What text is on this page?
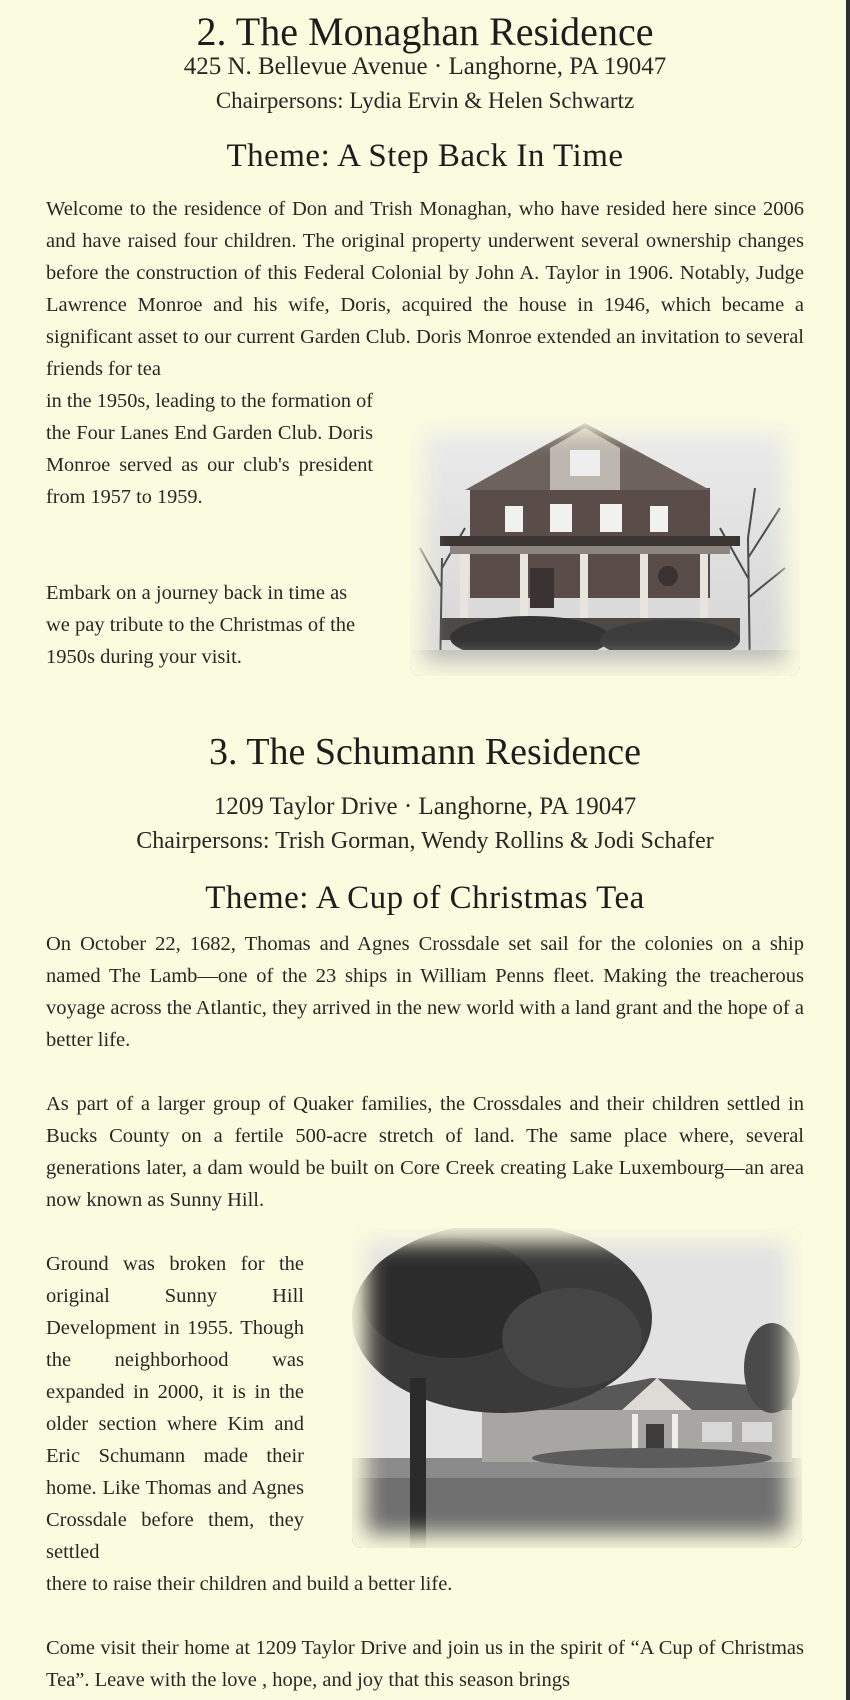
2. The Monaghan Residence
425 N. Bellevue Avenue · Langhorne, PA 19047
Chairpersons: Lydia Ervin & Helen Schwartz
Theme: A Step Back In Time

Welcome to the residence of Don and Trish Monaghan, who have resided here since 2006 and have raised four children. The original property underwent several ownership changes before the construction of this Federal Colonial by John A. Taylor in 1906. Notably, Judge Lawrence Monroe and his wife, Doris, acquired the house in 1946, which became a significant asset to our current Garden Club. Doris Monroe extended an invitation to several friends for tea

in the 1950s, leading to the formation of the Four Lanes End Garden Club. Doris Monroe served as our club's president from 1957 to 1959.

Embark on a journey back in time as we pay tribute to the Christmas of the 1950s during your visit.

3. The Schumann Residence
1209 Taylor Drive · Langhorne, PA 19047
Chairpersons: Trish Gorman, Wendy Rollins & Jodi Schafer
Theme: A Cup of Christmas Tea

On October 22, 1682, Thomas and Agnes Crossdale set sail for the colonies on a ship named The Lamb—one of the 23 ships in William Penns fleet. Making the treacherous voyage across the Atlantic, they arrived in the new world with a land grant and the hope of a better life.

As part of a larger group of Quaker families, the Crossdales and their children settled in Bucks County on a fertile 500-acre stretch of land. The same place where, several generations later, a dam would be built on Core Creek creating Lake Luxembourg—an area now known as Sunny Hill.

Ground was broken for the original Sunny Hill Development in 1955. Though the neighborhood was expanded in 2000, it is in the older section where Kim and Eric Schumann made their home. Like Thomas and Agnes Crossdale before them, they settled

there to raise their children and build a better life.

Come visit their home at 1209 Taylor Drive and join us in the spirit of “A Cup of Christmas Tea”. Leave with the love , hope, and joy that this season brings
